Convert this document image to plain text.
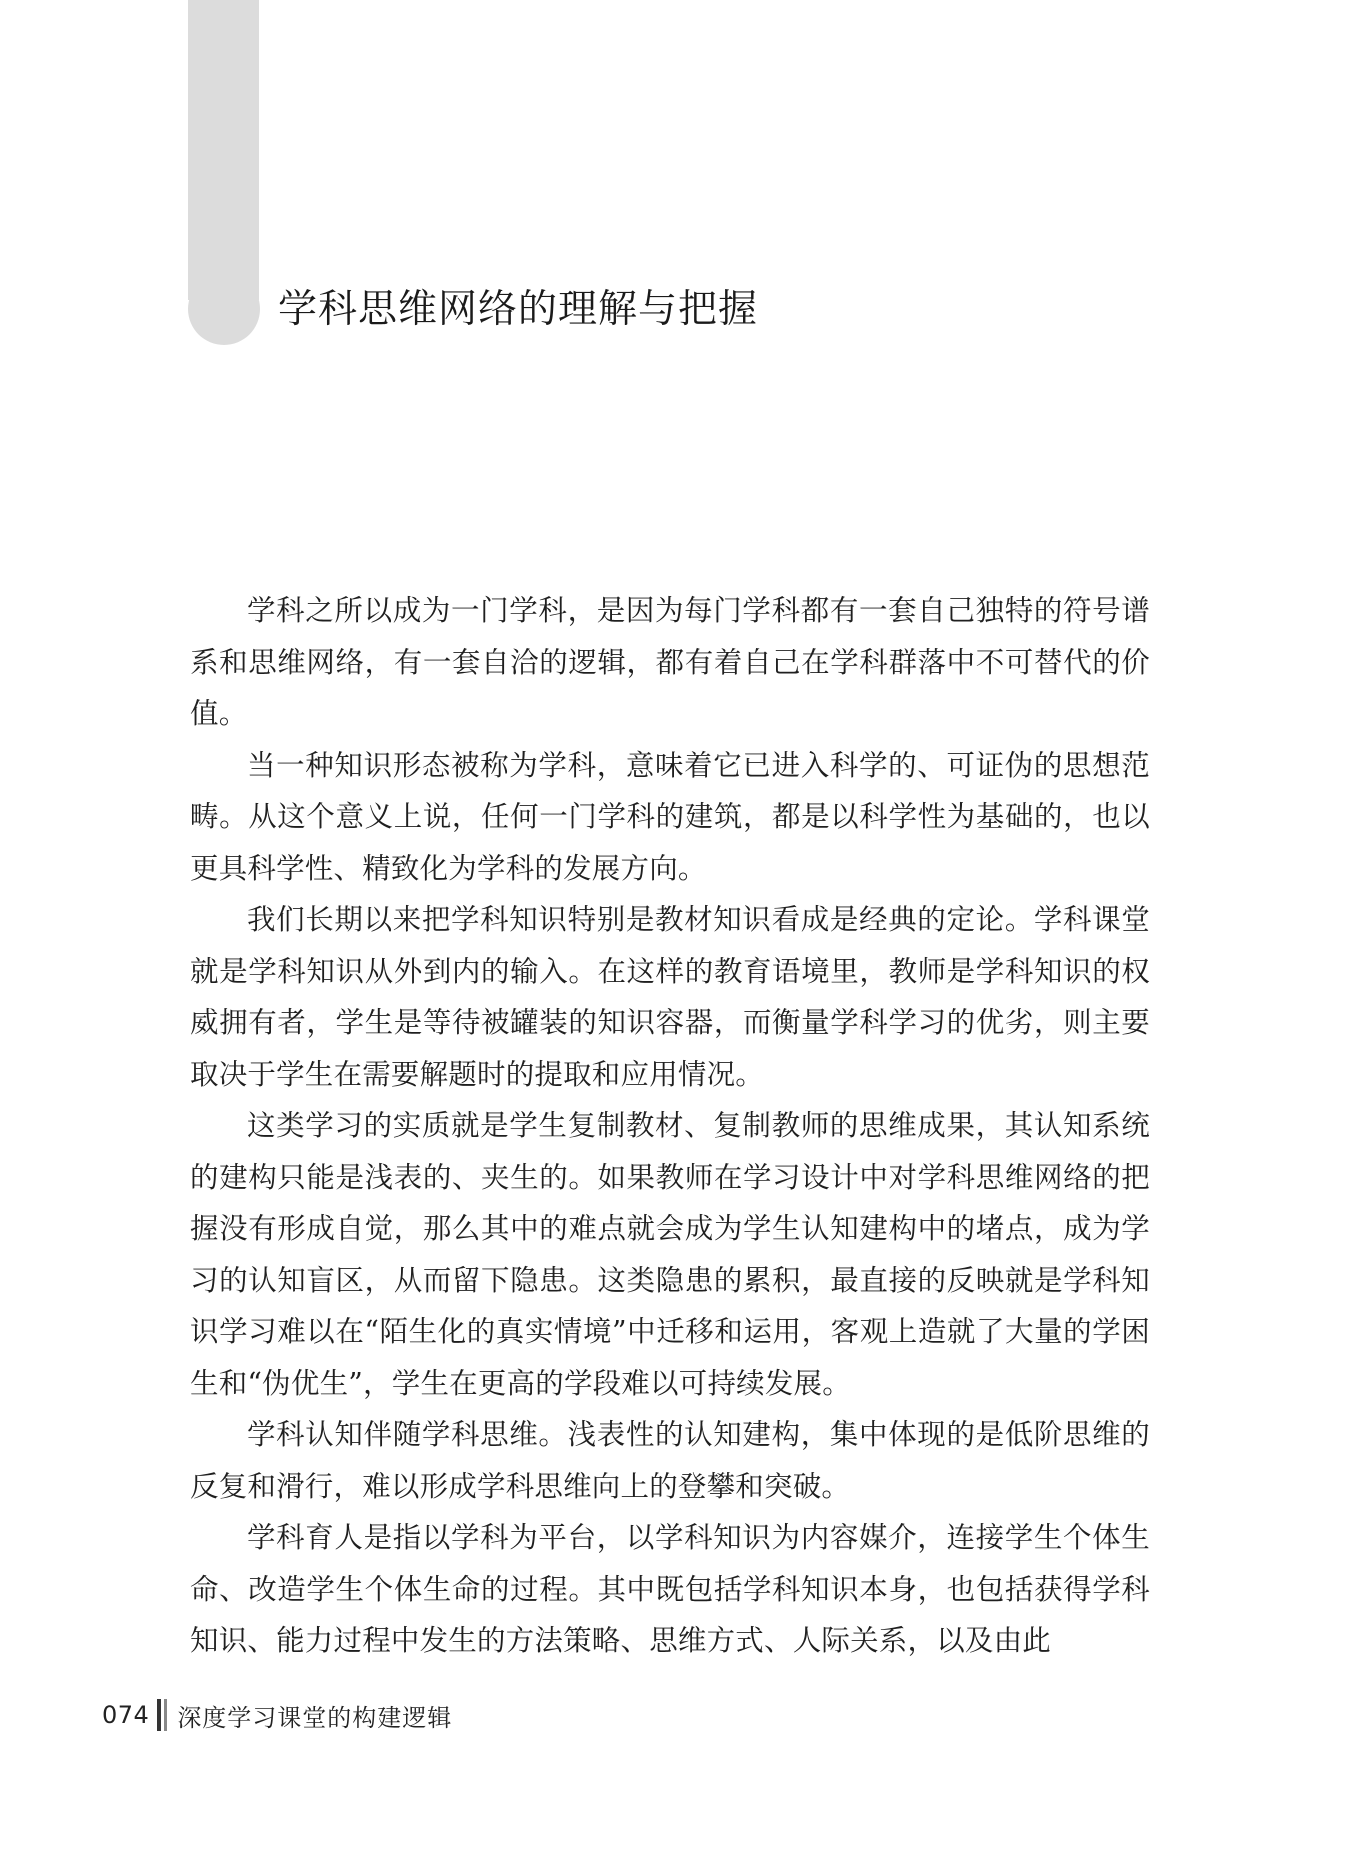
学科思维网络的理解与把握

学科之所以成为一门学科，是因为每门学科都有一套自己独特的符号谱系和思维网络，有一套自洽的逻辑，都有着自己在学科群落中不可替代的价值。

当一种知识形态被称为学科，意味着它已进入科学的、可证伪的思想范畴。从这个意义上说，任何一门学科的建筑，都是以科学性为基础的，也以更具科学性、精致化为学科的发展方向。

我们长期以来把学科知识特别是教材知识看成是经典的定论。学科课堂就是学科知识从外到内的输入。在这样的教育语境里，教师是学科知识的权威拥有者，学生是等待被罐装的知识容器，而衡量学科学习的优劣，则主要取决于学生在需要解题时的提取和应用情况。

这类学习的实质就是学生复制教材、复制教师的思维成果，其认知系统的建构只能是浅表的、夹生的。如果教师在学习设计中对学科思维网络的把握没有形成自觉，那么其中的难点就会成为学生认知建构中的堵点，成为学习的认知盲区，从而留下隐患。这类隐患的累积，最直接的反映就是学科知识学习难以在“陌生化的真实情境”中迁移和运用，客观上造就了大量的学困生和“伪优生”，学生在更高的学段难以可持续发展。

学科认知伴随学科思维。浅表性的认知建构，集中体现的是低阶思维的反复和滑行，难以形成学科思维向上的登攀和突破。

学科育人是指以学科为平台，以学科知识为内容媒介，连接学生个体生命、改造学生个体生命的过程。其中既包括学科知识本身，也包括获得学科知识、能力过程中发生的方法策略、思维方式、人际关系，以及由此

074 深度学习课堂的构建逻辑
